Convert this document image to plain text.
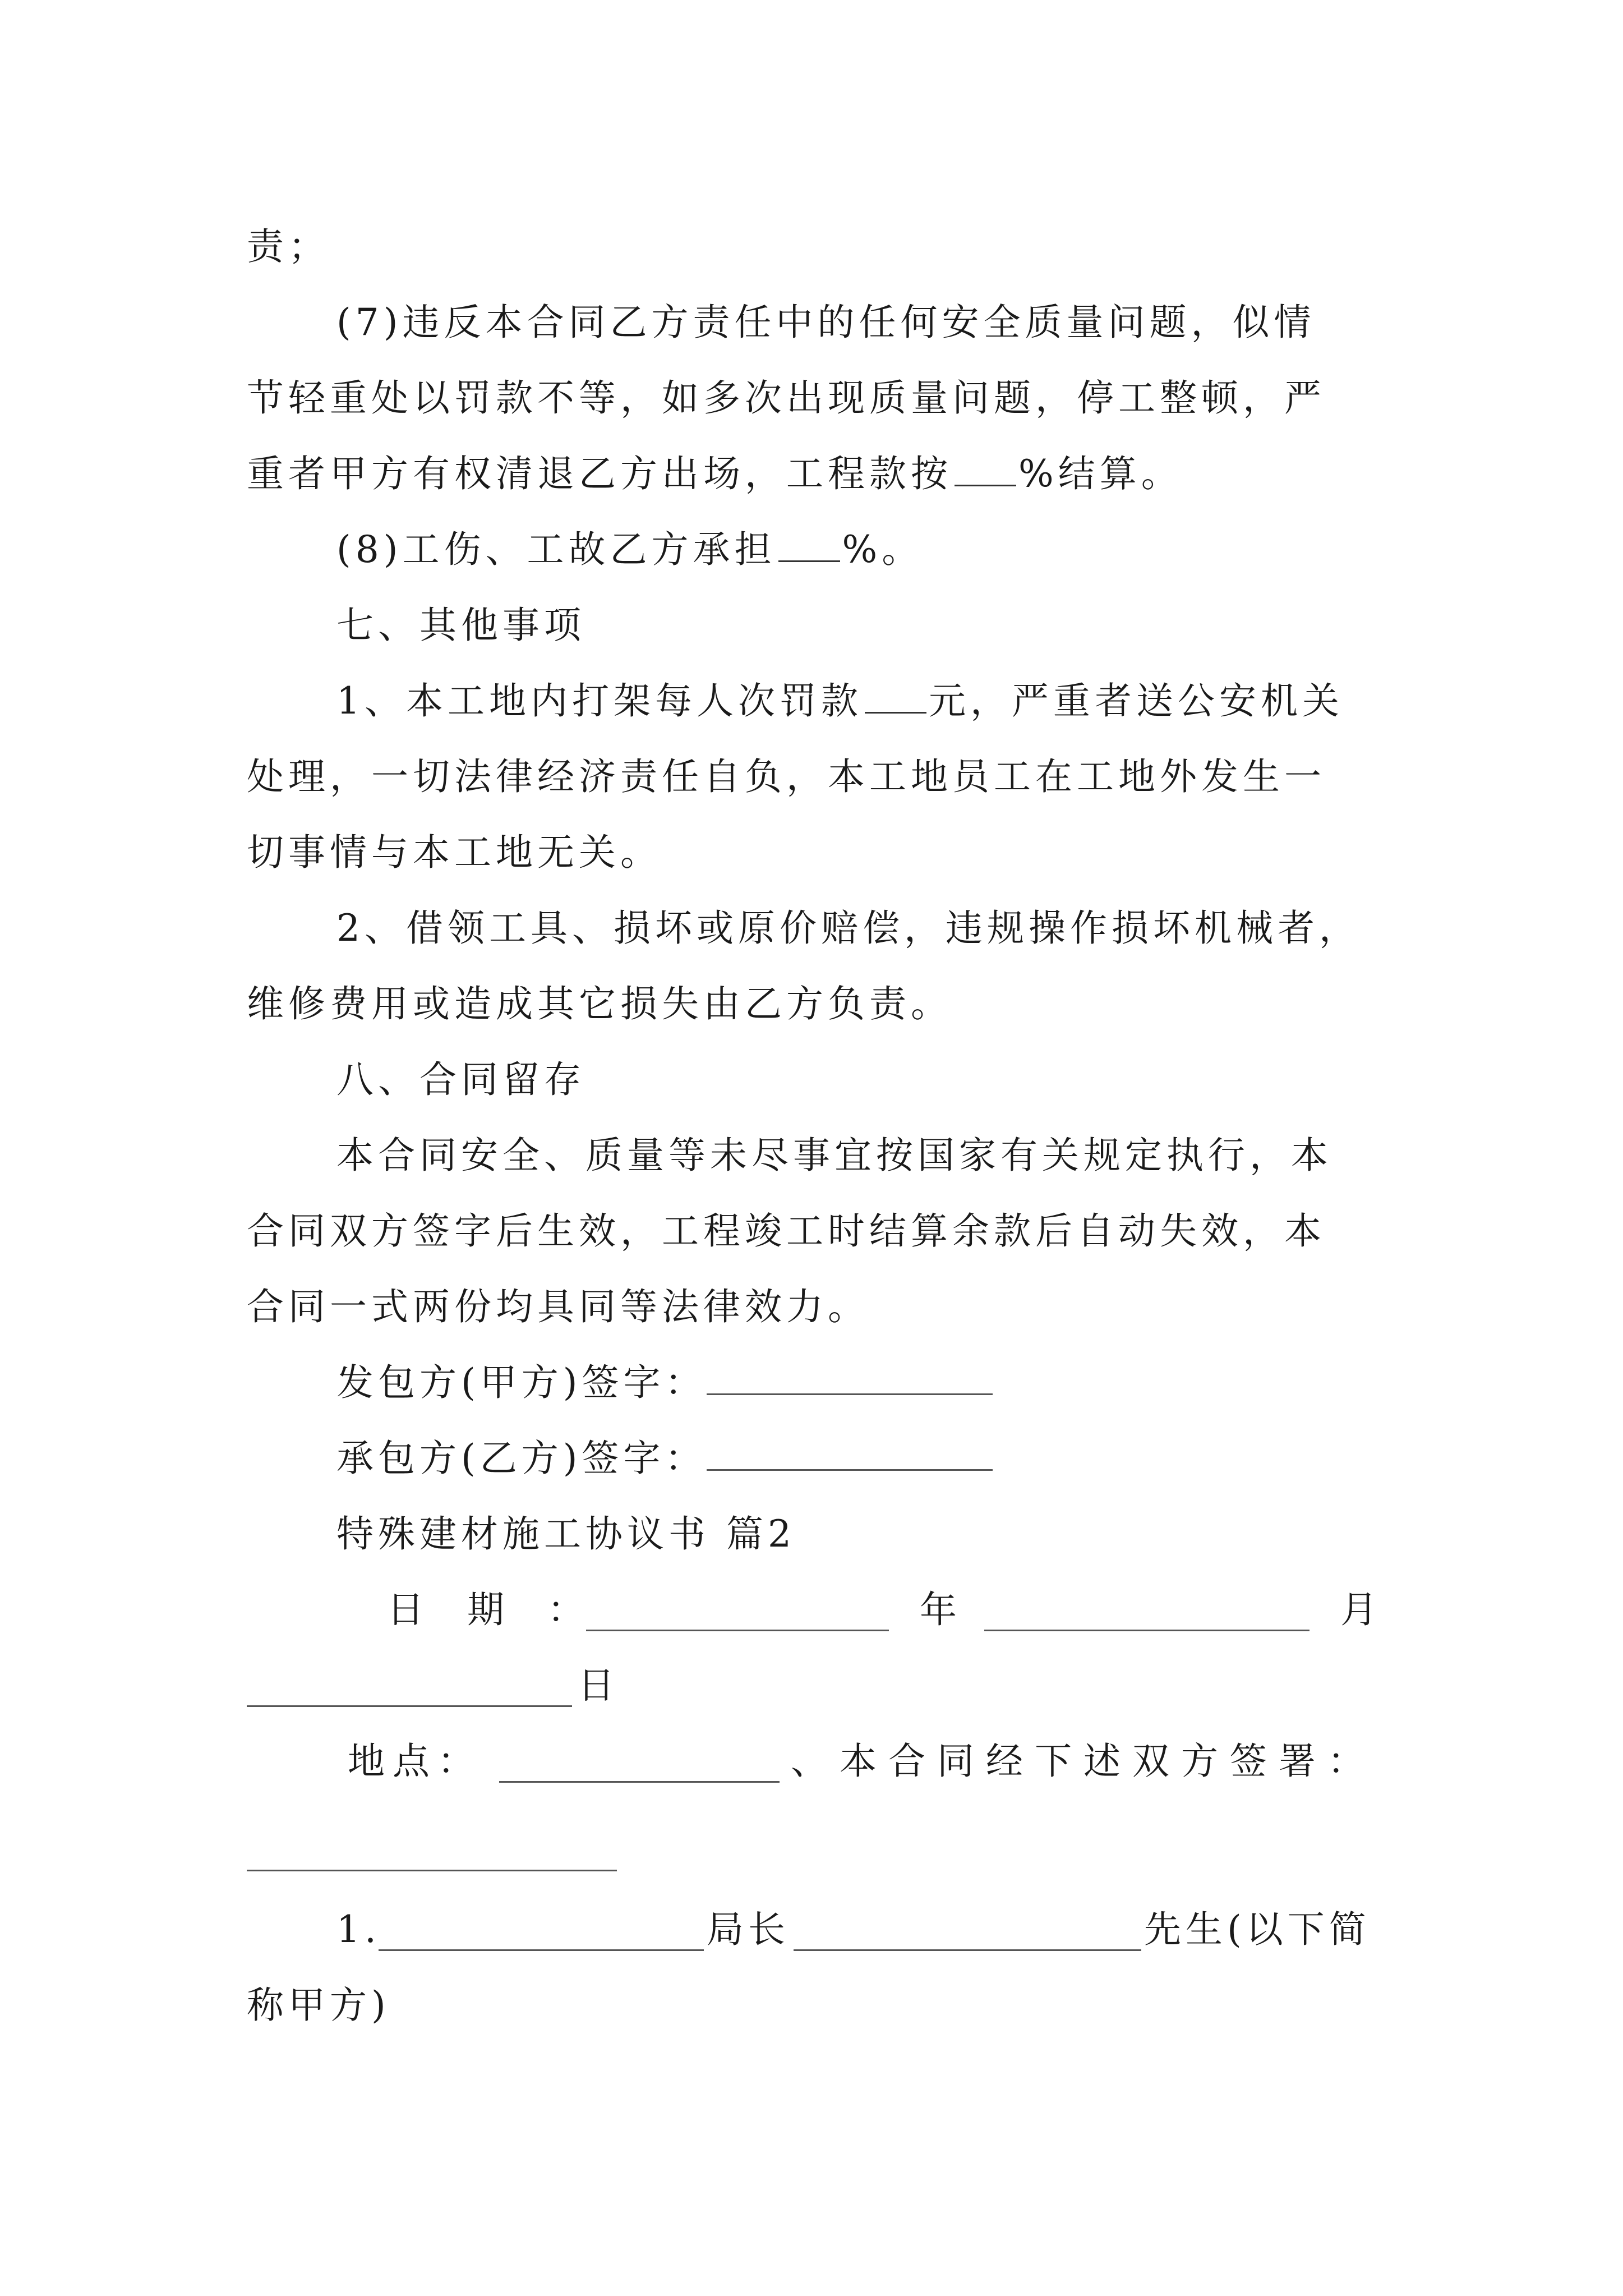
责；
(7)违反本合同乙方责任中的任何安全质量问题，似情
节轻重处以罚款不等，如多次出现质量问题，停工整顿，严
重者甲方有权清退乙方出场，工程款按 %结算。
(8)工伤、工故乙方承担 %。
七、其他事项
1、本工地内打架每人次罚款 元，严重者送公安机关
处理，一切法律经济责任自负，本工地员工在工地外发生一
切事情与本工地无关。
2、借领工具、损坏或原价赔偿，违规操作损坏机械者，
维修费用或造成其它损失由乙方负责。
八、合同留存
本合同安全、质量等未尽事宜按国家有关规定执行，本
合同双方签字后生效，工程竣工时结算余款后自动失效，本
合同一式两份均具同等法律效力。
发包方(甲方)签字：
承包方(乙方)签字：
特殊建材施工协议书 篇2
日 期 ：	年	月
日
地点：	、本合同经下述双方签署：
1.	局长	先生(以下简
称甲方)
